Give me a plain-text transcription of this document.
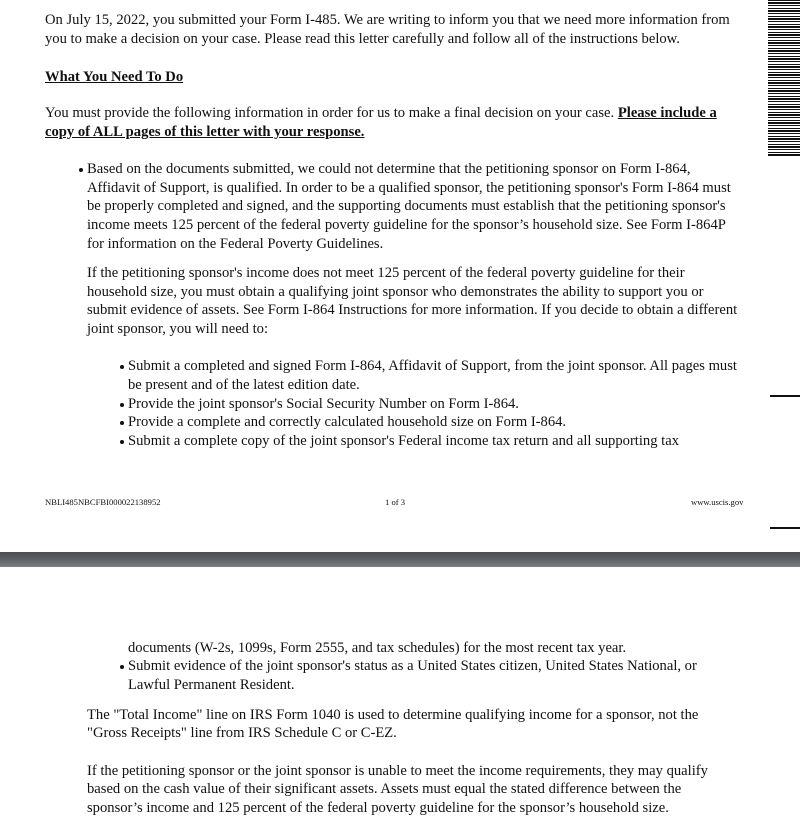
On July 15, 2022, you submitted your Form I-485. We are writing to inform you that we need more information from

you to make a decision on your case. Please read this letter carefully and follow all of the instructions below.

What You Need To Do

You must provide the following information in order for us to make a final decision on your case. Please include a

copy of ALL pages of this letter with your response.

Based on the documents submitted, we could not determine that the petitioning sponsor on Form I-864,

Affidavit of Support, is qualified. In order to be a qualified sponsor, the petitioning sponsor's Form I-864 must

be properly completed and signed, and the supporting documents must establish that the petitioning sponsor's

income meets 125 percent of the federal poverty guideline for the sponsor’s household size. See Form I-864P

for information on the Federal Poverty Guidelines.

If the petitioning sponsor's income does not meet 125 percent of the federal poverty guideline for their

household size, you must obtain a qualifying joint sponsor who demonstrates the ability to support you or

submit evidence of assets. See Form I-864 Instructions for more information. If you decide to obtain a different

joint sponsor, you will need to:

Submit a completed and signed Form I-864, Affidavit of Support, from the joint sponsor. All pages must

be present and of the latest edition date.

Provide the joint sponsor's Social Security Number on Form I-864.
Provide a complete and correctly calculated household size on Form I-864.
Submit a complete copy of the joint sponsor's Federal income tax return and all supporting tax
NBLI485NBCFBI000022138952	1 of 3	www.uscis.gov

documents (W-2s, 1099s, Form 2555, and tax schedules) for the most recent tax year.

Submit evidence of the joint sponsor's status as a United States citizen, United States National, or

Lawful Permanent Resident.

The "Total Income" line on IRS Form 1040 is used to determine qualifying income for a sponsor, not the

"Gross Receipts" line from IRS Schedule C or C-EZ.

If the petitioning sponsor or the joint sponsor is unable to meet the income requirements, they may qualify

based on the cash value of their significant assets. Assets must equal the stated difference between the

sponsor’s income and 125 percent of the federal poverty guideline for the sponsor’s household size.
